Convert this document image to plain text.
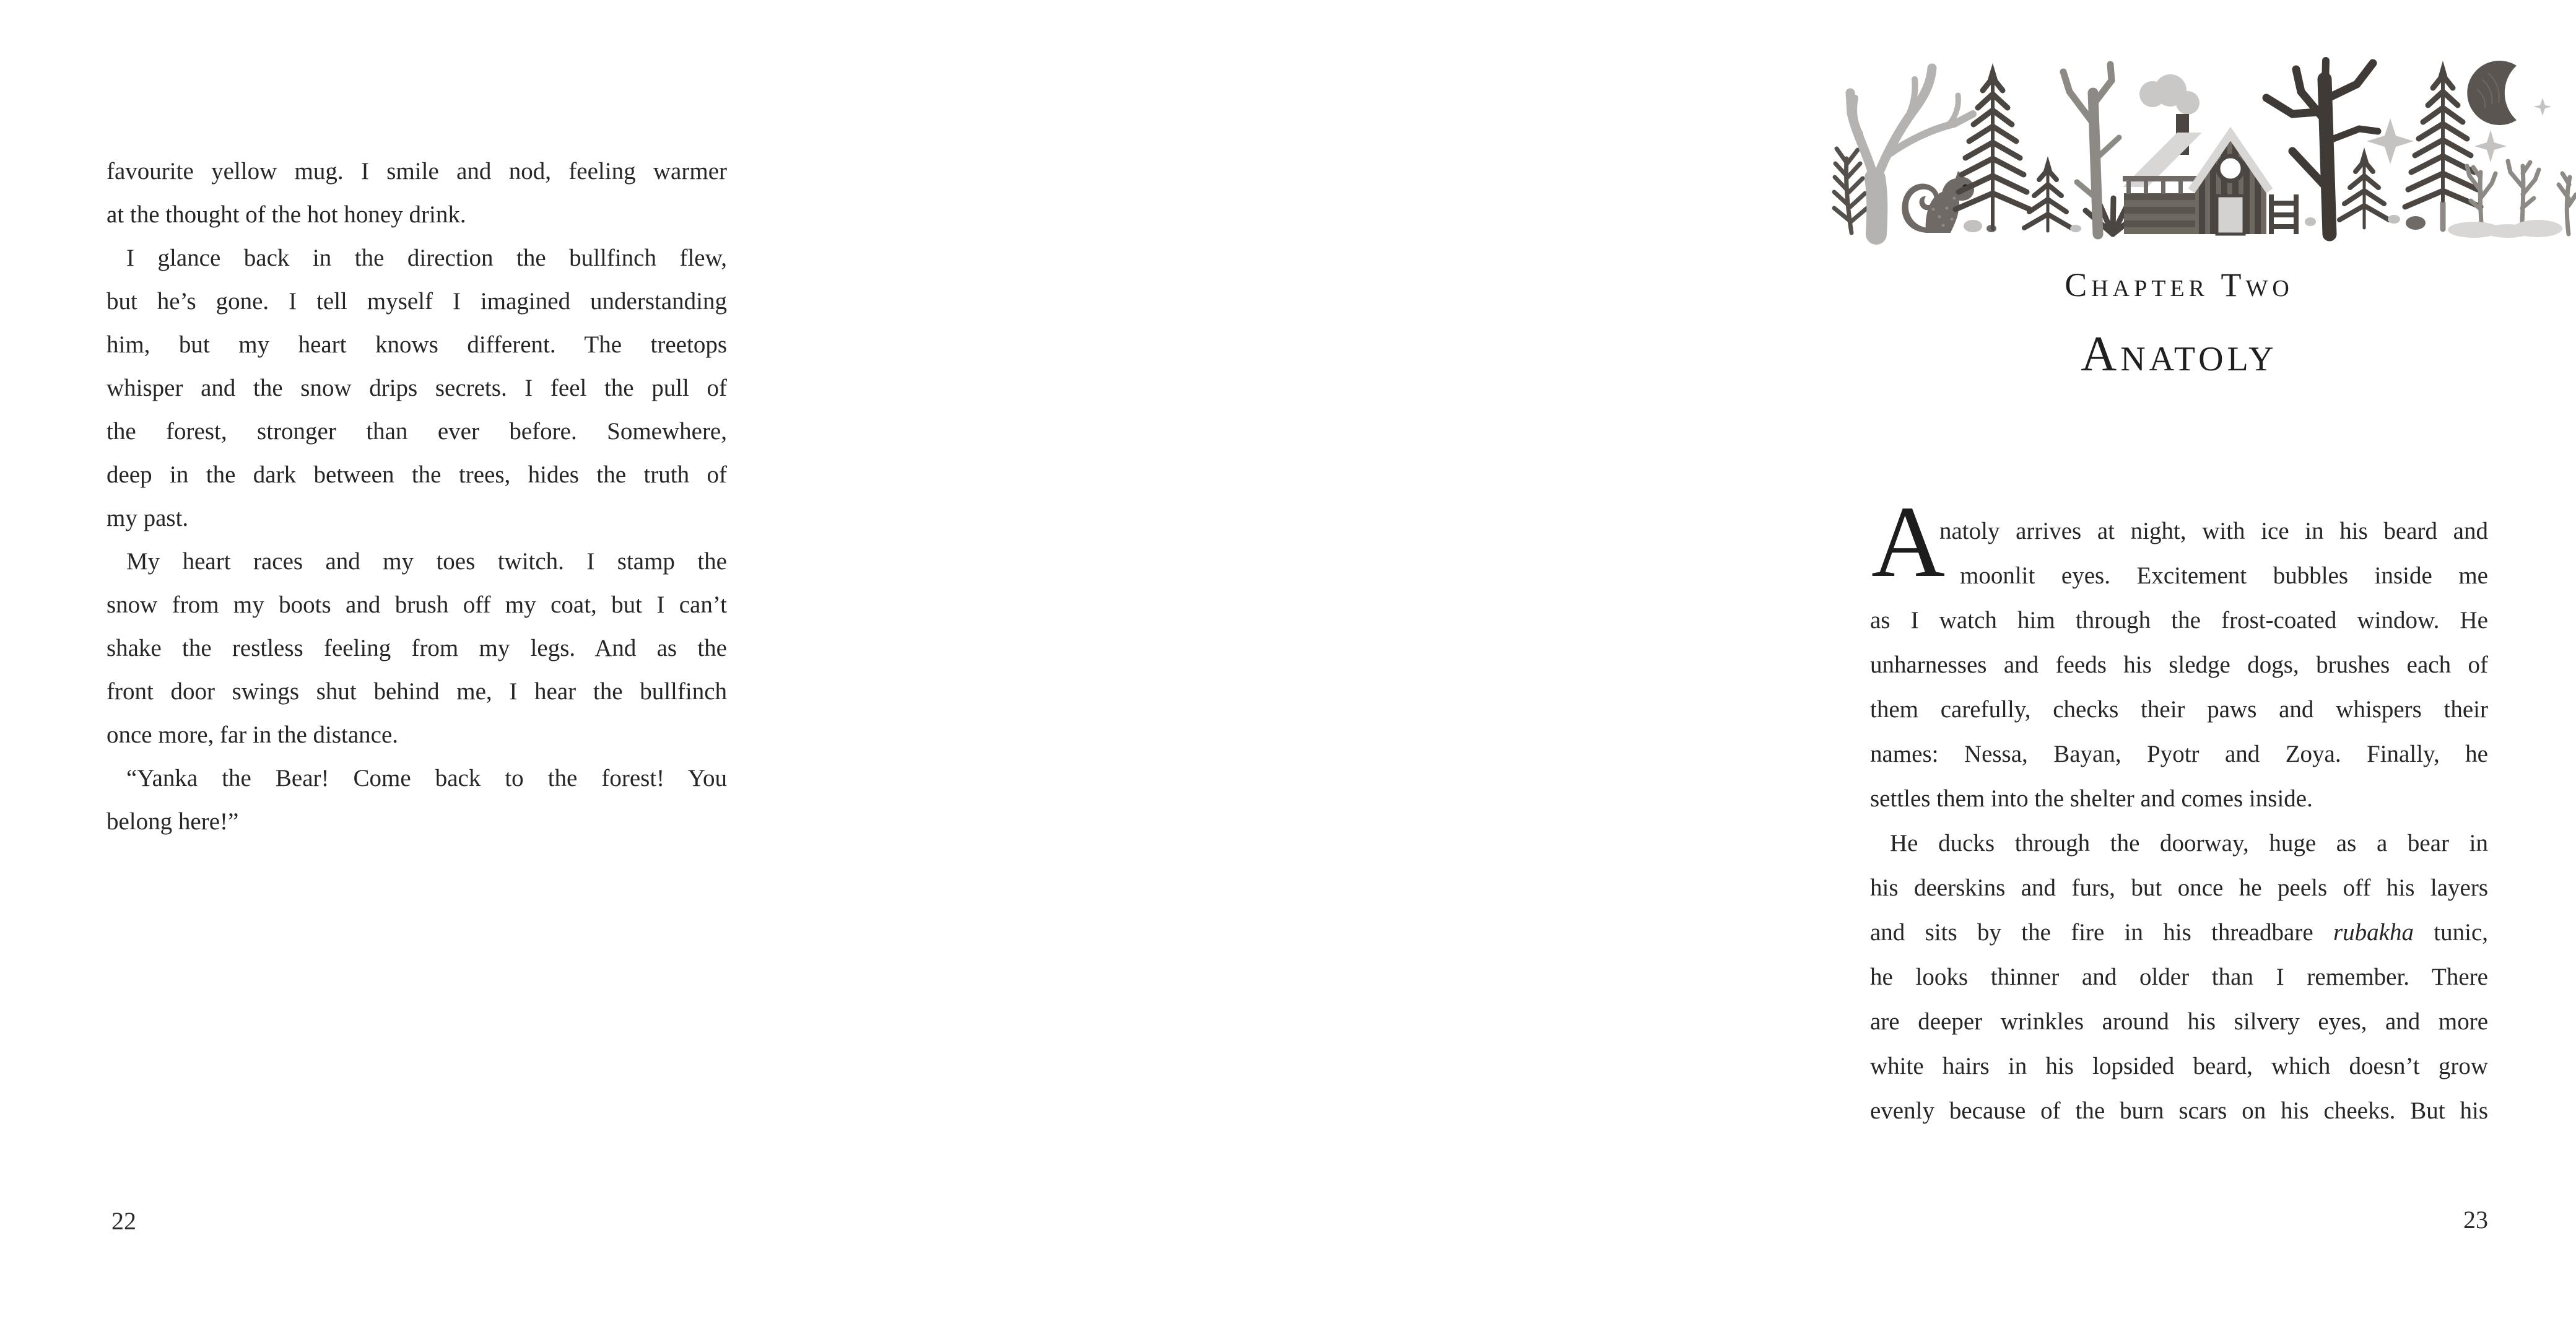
favourite yellow mug. I smile and nod, feeling warmer
at the thought of the hot honey drink.
I glance back in the direction the bullfinch flew,
but he’s gone. I tell myself I imagined understanding
him, but my heart knows different. The treetops
whisper and the snow drips secrets. I feel the pull of
the forest, stronger than ever before. Somewhere,
deep in the dark between the trees, hides the truth of
my past.
My heart races and my toes twitch. I stamp the
snow from my boots and brush off my coat, but I can’t
shake the restless feeling from my legs. And as the
front door swings shut behind me, I hear the bullfinch
once more, far in the distance.
“Yanka the Bear! Come back to the forest! You
belong here!”
22
Chapter Two
Anatoly
A
natoly arrives at night, with ice in his beard and
moonlit eyes. Excitement bubbles inside me
as I watch him through the frost-coated window. He
unharnesses and feeds his sledge dogs, brushes each of
them carefully, checks their paws and whispers their
names: Nessa, Bayan, Pyotr and Zoya. Finally, he
settles them into the shelter and comes inside.
He ducks through the doorway, huge as a bear in
his deerskins and furs, but once he peels off his layers
and sits by the fire in his threadbare rubakha tunic,
he looks thinner and older than I remember. There
are deeper wrinkles around his silvery eyes, and more
white hairs in his lopsided beard, which doesn’t grow
evenly because of the burn scars on his cheeks. But his
23
